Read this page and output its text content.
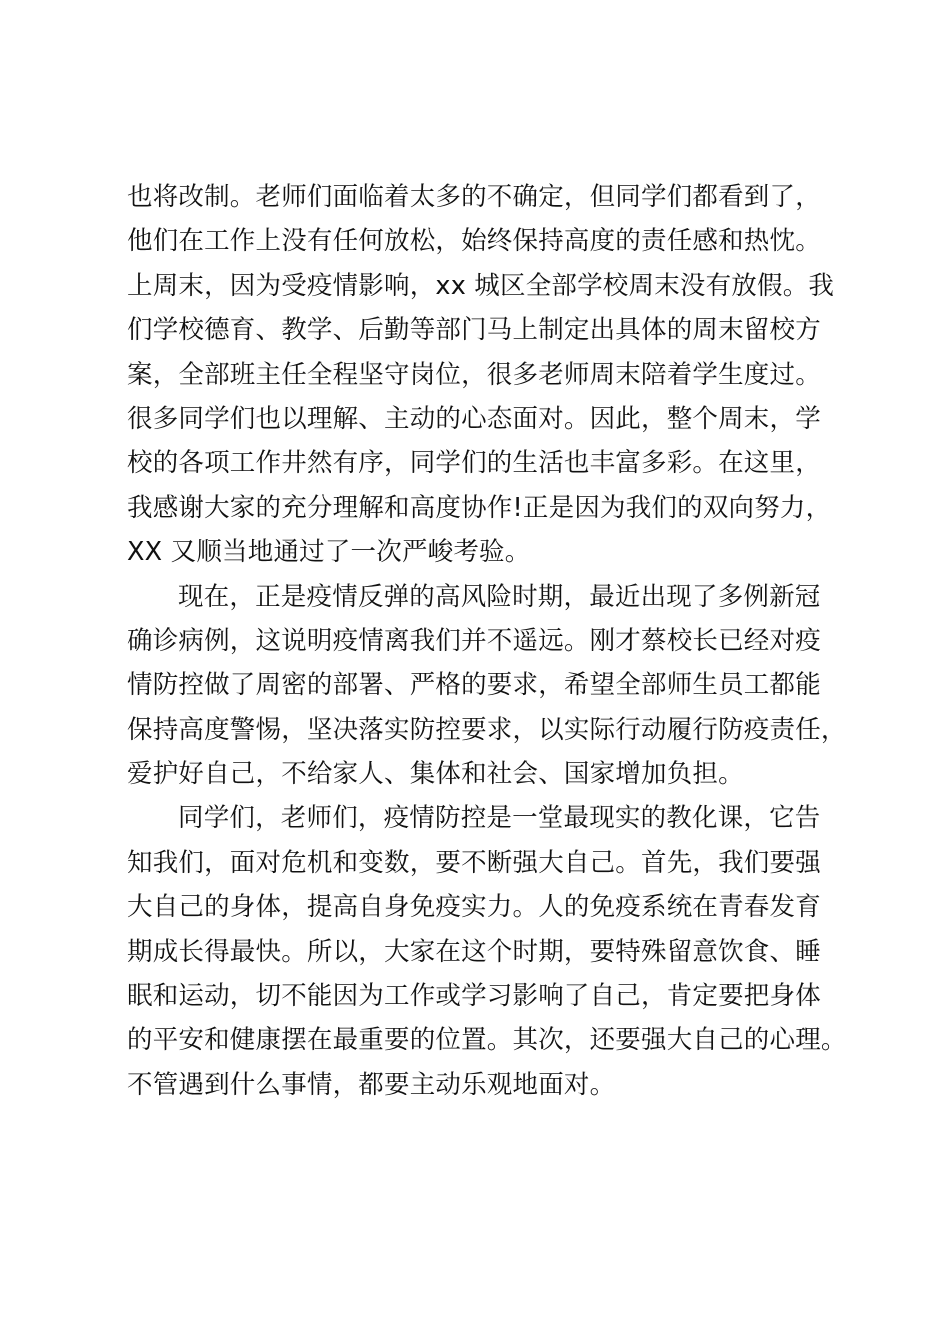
也将改制。老师们面临着太多的不确定，但同学们都看到了，
他们在工作上没有任何放松，始终保持高度的责任感和热忱。
上周末，因为受疫情影响，xx 城区全部学校周末没有放假。我
们学校德育、教学、后勤等部门马上制定出具体的周末留校方
案，全部班主任全程坚守岗位，很多老师周末陪着学生度过。
很多同学们也以理解、主动的心态面对。因此，整个周末，学
校的各项工作井然有序，同学们的生活也丰富多彩。在这里，
我感谢大家的充分理解和高度协作!正是因为我们的双向努力，
XX 又顺当地通过了一次严峻考验。
现在，正是疫情反弹的高风险时期，最近出现了多例新冠
确诊病例，这说明疫情离我们并不遥远。刚才蔡校长已经对疫
情防控做了周密的部署、严格的要求，希望全部师生员工都能
保持高度警惕，坚决落实防控要求，以实际行动履行防疫责任，
爱护好自己，不给家人、集体和社会、国家增加负担。
同学们，老师们，疫情防控是一堂最现实的教化课，它告
知我们，面对危机和变数，要不断强大自己。首先，我们要强
大自己的身体，提高自身免疫实力。人的免疫系统在青春发育
期成长得最快。所以，大家在这个时期，要特殊留意饮食、睡
眠和运动，切不能因为工作或学习影响了自己，肯定要把身体
的平安和健康摆在最重要的位置。其次，还要强大自己的心理。
不管遇到什么事情，都要主动乐观地面对。
